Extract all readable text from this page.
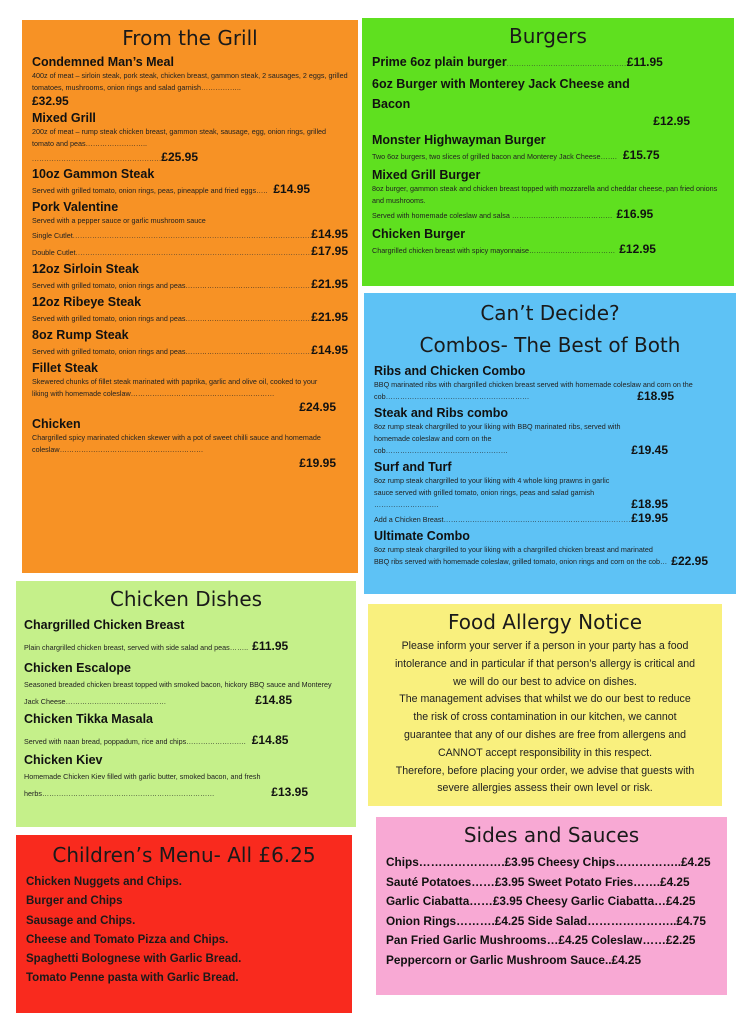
From the Grill
Condemned Man’s Meal
400z of meat – sirloin steak, pork steak, chicken breast, gammon steak, 2 sausages, 2 eggs, grilled tomatoes, mushrooms, onion rings and salad garnish……………..
£32.95
Mixed Grill
200z of meat – rump steak chicken breast, gammon steak, sausage, egg, onion rings, grilled tomato and peas……………………..
.....
£25.95
10oz Gammon Steak
Served with grilled tomato, onion rings, peas, pineapple and fried eggs….. £14.95
Pork Valentine
Served with a pepper sauce or garlic mushroom sauce
Single Cutlet .....	£14.95
Double Cutlet .....	£17.95
12oz Sirloin Steak
Served with grilled tomato, onion rings and peas………………………….. .....	£21.95
12oz Ribeye Steak
Served with grilled tomato, onion rings and peas………………………….. .....	£21.95
8oz Rump Steak
Served with grilled tomato, onion rings and peas………………………….. .....	£14.95
Fillet Steak
Skewered chunks of fillet steak marinated with paprika, garlic and olive oil, cooked to your liking with homemade coleslaw……………………………………………………
£24.95
Chicken
Chargrilled spicy marinated chicken skewer with a pot of sweet chilli sauce and homemade coleslaw……………………………………………………
£19.95
Burgers
Prime 6oz plain burger .....	£11.95
6oz Burger with Monterey Jack Cheese and Bacon
£12.95
Monster Highwayman Burger
Two 6oz burgers, two slices of grilled bacon and Monterey Jack Cheese……. £15.75
Mixed Grill Burger
8oz burger, gammon steak and chicken breast topped with mozzarella and cheddar cheese, pan fried onions and mushrooms.
Served with homemade coleslaw and salsa …………………………………… £16.95
Chicken Burger
Chargrilled chicken breast with spicy mayonnaise……………………………… £12.95
Can’t Decide?
Combos- The Best of Both
Ribs and Chicken Combo
BBQ marinated ribs with chargrilled chicken breast served with homemade coleslaw and corn on the cob……………………………………………………	£18.95
Steak and Ribs combo
8oz rump steak chargrilled to your liking with BBQ marinated ribs, served with homemade coleslaw and corn on the cob……………………………………………	£19.45
Surf and Turf
8oz rump steak chargrilled to your liking with 4 whole king prawns in garlic sauce served with grilled tomato, onion rings, peas and salad garnish ………………………	£18.95
Add a Chicken Breast…………………………………………………………… ..... £19.95
Ultimate Combo
8oz rump steak chargrilled to your liking with a chargrilled chicken breast and marinated BBQ ribs served with homemade coleslaw, grilled tomato, onion rings and corn on the cob… £22.95
Chicken Dishes
Chargrilled Chicken Breast
Plain chargrilled chicken breast, served with side salad and peas…….. £11.95
Chicken Escalope
Seasoned breaded chicken breast topped with smoked bacon, hickory BBQ sauce and Monterey Jack Cheese……………………………………	£14.85
Chicken Tikka Masala
Served with naan bread, poppadum, rice and chips……………………. £14.85
Chicken Kiev
Homemade Chicken Kiev filled with garlic butter, smoked bacon, and fresh herbs………………………………………………………………	£13.95
Food Allergy Notice
Please inform your server if a person in your party has a food
intolerance and in particular if that person’s allergy is critical and
we will do our best to advice on dishes.
The management advises that whilst we do our best to reduce
the risk of cross contamination in our kitchen, we cannot
guarantee that any of our dishes are free from allergens and
CANNOT accept responsibility in this respect.
Therefore, before placing your order, we advise that guests with
severe allergies assess their own level or risk.
Children’s Menu- All £6.25
Chicken Nuggets and Chips.
Burger and Chips
Sausage and Chips.
Cheese and Tomato Pizza and Chips.
Spaghetti Bolognese with Garlic Bread.
Tomato Penne pasta with Garlic Bread.
Sides and Sauces
Chips………………….£3.95 Cheesy Chips……………..£4.25
Sauté Potatoes……£3.95 Sweet Potato Fries…….£4.25
Garlic Ciabatta……£3.95 Cheesy Garlic Ciabatta…£4.25
Onion Rings……….£4.25 Side Salad…………………..£4.75
Pan Fried Garlic Mushrooms…£4.25 Coleslaw……£2.25
Peppercorn or Garlic Mushroom Sauce..£4.25
